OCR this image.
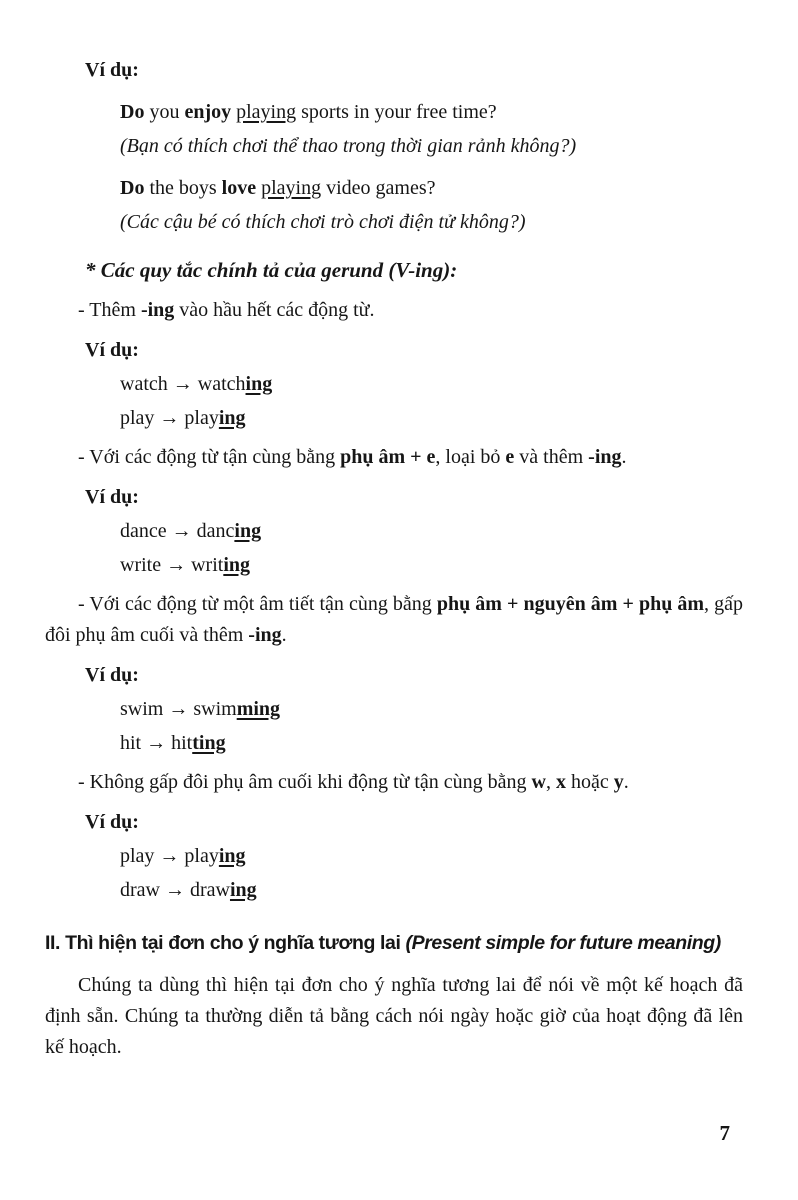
Ví dụ:
Do you enjoy playing sports in your free time?
(Bạn có thích chơi thể thao trong thời gian rảnh không?)
Do the boys love playing video games?
(Các cậu bé có thích chơi trò chơi điện tử không?)
* Các quy tắc chính tả của gerund (V-ing):
- Thêm -ing vào hầu hết các động từ.
Ví dụ:
watch → watching
play → playing
- Với các động từ tận cùng bằng phụ âm + e, loại bỏ e và thêm -ing.
Ví dụ:
dance → dancing
write → writing
- Với các động từ một âm tiết tận cùng bằng phụ âm + nguyên âm + phụ âm, gấp đôi phụ âm cuối và thêm -ing.
Ví dụ:
swim → swimming
hit → hitting
- Không gấp đôi phụ âm cuối khi động từ tận cùng bằng w, x hoặc y.
Ví dụ:
play → playing
draw → drawing
II. Thì hiện tại đơn cho ý nghĩa tương lai (Present simple for future meaning)
Chúng ta dùng thì hiện tại đơn cho ý nghĩa tương lai để nói về một kế hoạch đã định sẵn. Chúng ta thường diễn tả bằng cách nói ngày hoặc giờ của hoạt động đã lên kế hoạch.
7
